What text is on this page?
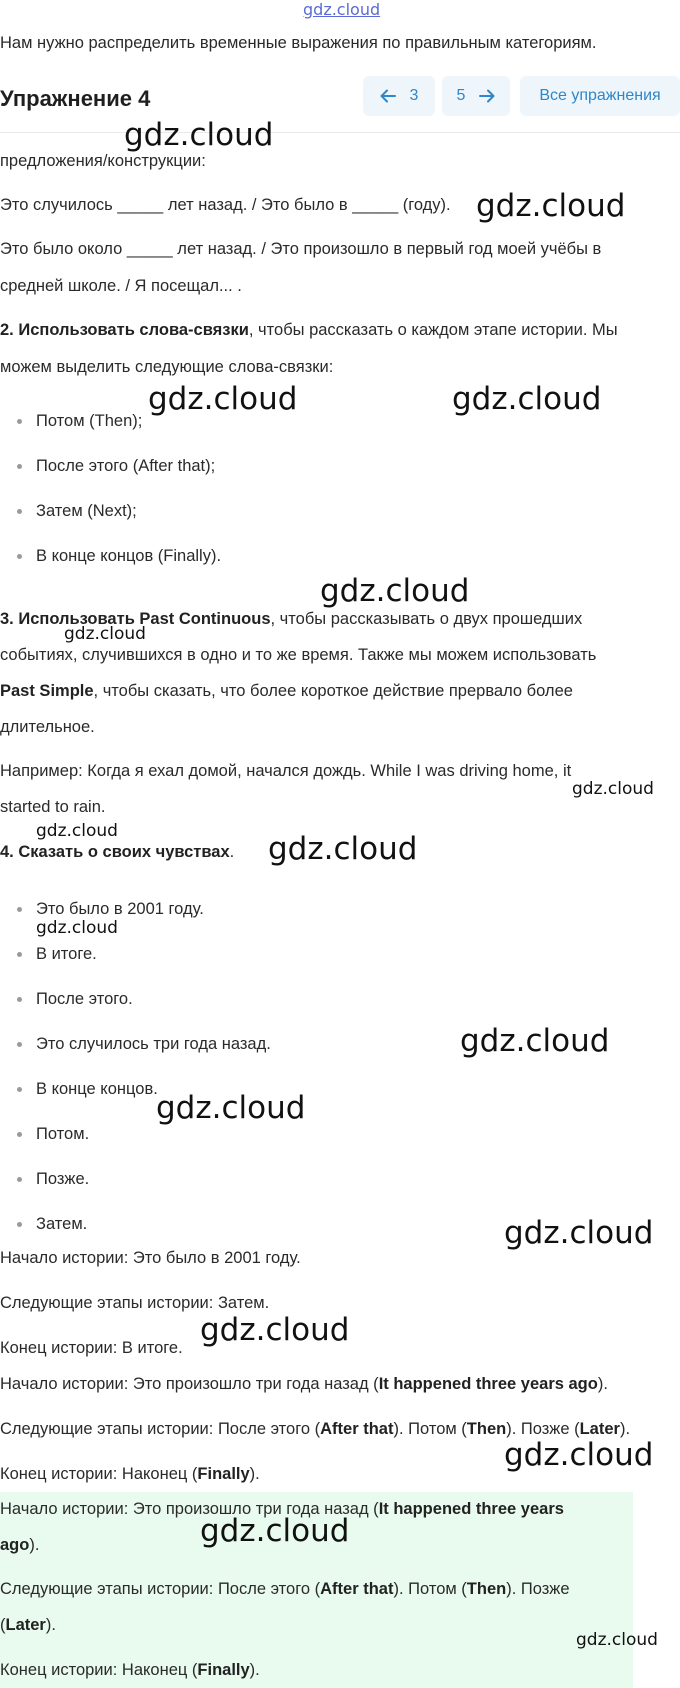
gdz.cloud
Нам нужно распределить временные выражения по правильным категориям.
Упражнение 4	3 5	Все упражнения
предложения/конструкции:
Это случилось _____ лет назад. / Это было в _____ (году).
Это было около _____ лет назад. / Это произошло в первый год моей учёбы в
средней школе. / Я посещал... .
2. Использовать слова-связки, чтобы рассказать о каждом этапе истории. Мы
можем выделить следующие слова-связки:
Потом (Then);
После этого (After that);
Затем (Next);
В конце концов (Finally).
3. Использовать Past Continuous, чтобы рассказывать о двух прошедших
событиях, случившихся в одно и то же время. Также мы можем использовать
Past Simple, чтобы сказать, что более короткое действие прервало более
длительное.
Например: Когда я ехал домой, начался дождь. While I was driving home, it
started to rain.
4. Сказать о своих чувствах.
Это было в 2001 году.
В итоге.
После этого.
Это случилось три года назад.
В конце концов.
Потом.
Позже.
Затем.
Начало истории: Это было в 2001 году.
Следующие этапы истории: Затем.
Конец истории: В итоге.
Начало истории: Это произошло три года назад (It happened three years ago).
Следующие этапы истории: После этого (After that). Потом (Then). Позже (Later).
Конец истории: Наконец (Finally).
Начало истории: Это произошло три года назад (It happened three years
ago).
Следующие этапы истории: После этого (After that). Потом (Then). Позже
(Later).
Конец истории: Наконец (Finally).
gdz.cloud
gdz.cloud
gdz.cloud	gdz.cloud
gdz.cloud
gdz.cloud
gdz.cloud
gdz.cloud	gdz.cloud
gdz.cloud
gdz.cloud
gdz.cloud
gdz.cloud
gdz.cloud
gdz.cloud
gdz.cloud
gdz.cloud
